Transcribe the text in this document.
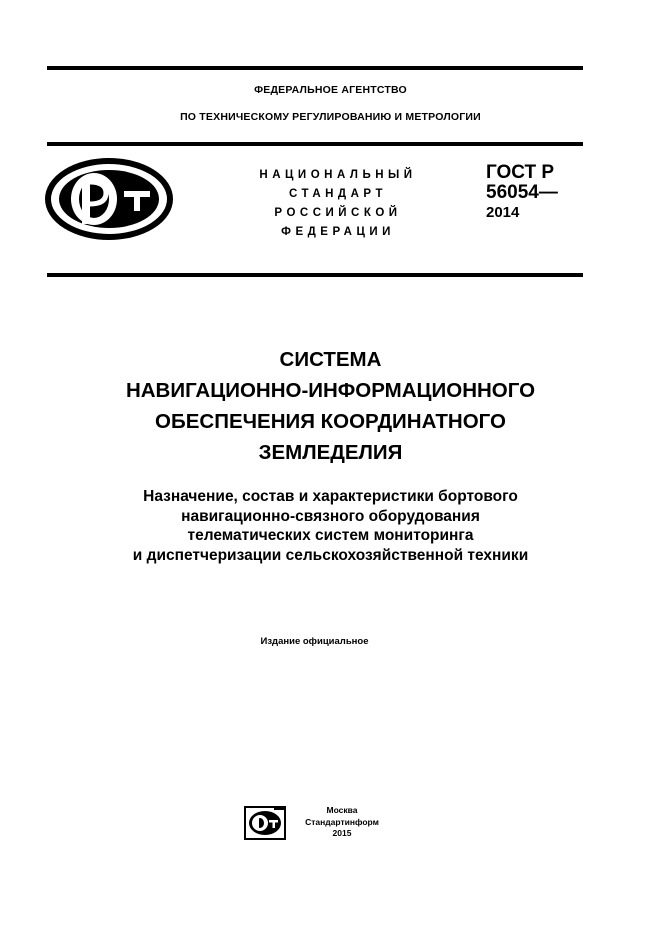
ФЕДЕРАЛЬНОЕ АГЕНТСТВО
ПО ТЕХНИЧЕСКОМУ РЕГУЛИРОВАНИЮ И МЕТРОЛОГИИ
НАЦИОНАЛЬНЫЙ
СТАНДАРТ
РОССИЙСКОЙ
ФЕДЕРАЦИИ
ГОСТ Р
56054—
2014
СИСТЕМА
НАВИГАЦИОННО-ИНФОРМАЦИОННОГО
ОБЕСПЕЧЕНИЯ КООРДИНАТНОГО
ЗЕМЛЕДЕЛИЯ
Назначение, состав и характеристики бортового
навигационно-связного оборудования
телематических систем мониторинга
и диспетчеризации сельскохозяйственной техники
Издание официальное
Москва
Стандартинформ
2015
